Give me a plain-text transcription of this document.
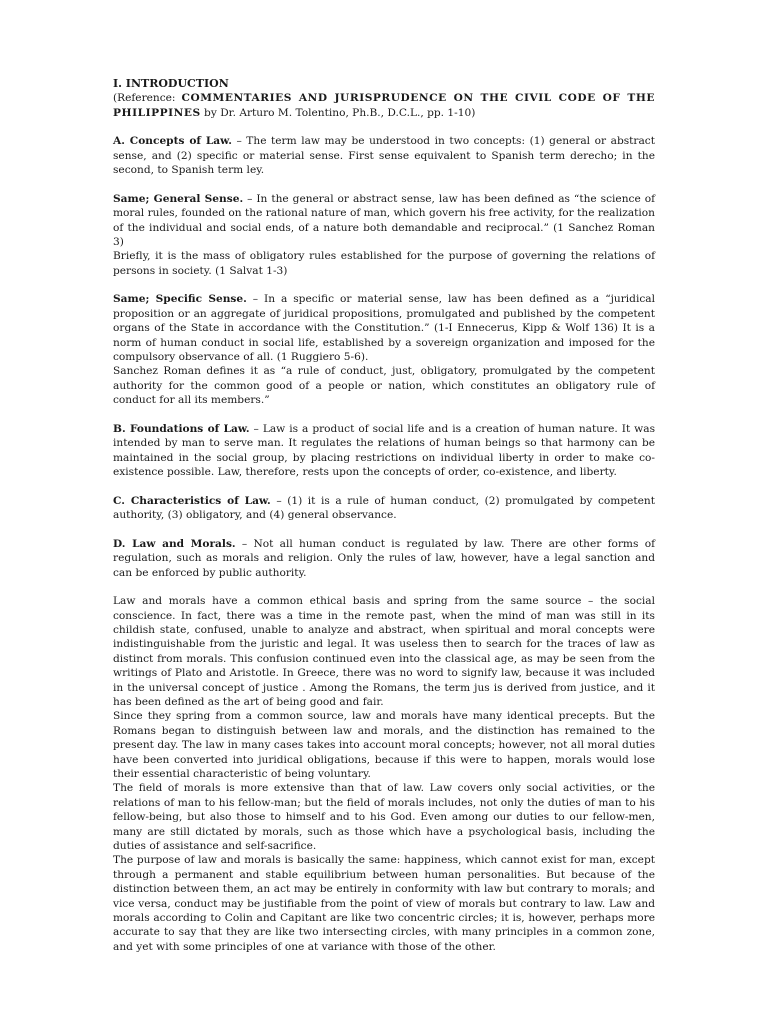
I. INTRODUCTION

(Reference: COMMENTARIES AND JURISPRUDENCE ON THE CIVIL CODE OF THE PHILIPPINES by Dr. Arturo M. Tolentino, Ph.B., D.C.L., pp. 1-10)

A. Concepts of Law. – The term law may be understood in two concepts: (1) general or abstract sense, and (2) specific or material sense. First sense equivalent to Spanish term derecho; in the second, to Spanish term ley.

Same; General Sense. – In the general or abstract sense, law has been defined as “the science of moral rules, founded on the rational nature of man, which govern his free activity, for the realization of the individual and social ends, of a nature both demandable and reciprocal.” (1 Sanchez Roman 3)

Briefly, it is the mass of obligatory rules established for the purpose of governing the relations of persons in society. (1 Salvat 1-3)

Same; Specific Sense. – In a specific or material sense, law has been defined as a “juridical proposition or an aggregate of juridical propositions, promulgated and published by the competent organs of the State in accordance with the Constitution.” (1-I Ennecerus, Kipp & Wolf 136) It is a norm of human conduct in social life, established by a sovereign organization and imposed for the compulsory observance of all. (1 Ruggiero 5-6).

Sanchez Roman defines it as “a rule of conduct, just, obligatory, promulgated by the competent authority for the common good of a people or nation, which constitutes an obligatory rule of conduct for all its members.”

B. Foundations of Law. – Law is a product of social life and is a creation of human nature. It was intended by man to serve man. It regulates the relations of human beings so that harmony can be maintained in the social group, by placing restrictions on individual liberty in order to make co-existence possible. Law, therefore, rests upon the concepts of order, co-existence, and liberty.

C. Characteristics of Law. – (1) it is a rule of human conduct, (2) promulgated by competent authority, (3) obligatory, and (4) general observance.

D. Law and Morals. – Not all human conduct is regulated by law. There are other forms of regulation, such as morals and religion. Only the rules of law, however, have a legal sanction and can be enforced by public authority.

Law and morals have a common ethical basis and spring from the same source – the social conscience. In fact, there was a time in the remote past, when the mind of man was still in its childish state, confused, unable to analyze and abstract, when spiritual and moral concepts were indistinguishable from the juristic and legal. It was useless then to search for the traces of law as distinct from morals. This confusion continued even into the classical age, as may be seen from the writings of Plato and Aristotle. In Greece, there was no word to signify law, because it was included in the universal concept of justice . Among the Romans, the term jus is derived from justice, and it has been defined as the art of being good and fair.

Since they spring from a common source, law and morals have many identical precepts. But the Romans began to distinguish between law and morals, and the distinction has remained to the present day. The law in many cases takes into account moral concepts; however, not all moral duties have been converted into juridical obligations, because if this were to happen, morals would lose their essential characteristic of being voluntary.

The field of morals is more extensive than that of law. Law covers only social activities, or the relations of man to his fellow-man; but the field of morals includes, not only the duties of man to his fellow-being, but also those to himself and to his God. Even among our duties to our fellow-men, many are still dictated by morals, such as those which have a psychological basis, including the duties of assistance and self-sacrifice.

The purpose of law and morals is basically the same: happiness, which cannot exist for man, except through a permanent and stable equilibrium between human personalities. But because of the distinction between them, an act may be entirely in conformity with law but contrary to morals; and vice versa, conduct may be justifiable from the point of view of morals but contrary to law. Law and morals according to Colin and Capitant are like two concentric circles; it is, however, perhaps more accurate to say that they are like two intersecting circles, with many principles in a common zone, and yet with some principles of one at variance with those of the other.
